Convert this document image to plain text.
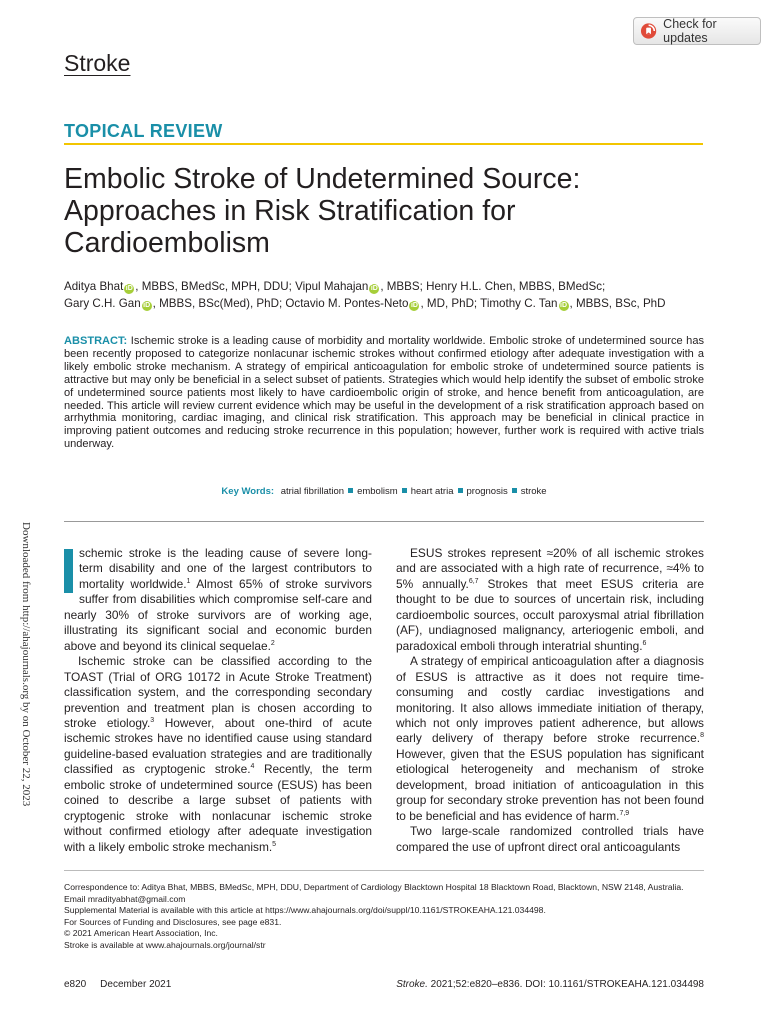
Stroke
Check for updates
TOPICAL REVIEW
Embolic Stroke of Undetermined Source: Approaches in Risk Stratification for Cardioembolism
Aditya Bhat iD , MBBS, BMedSc, MPH, DDU; Vipul Mahajan iD , MBBS; Henry H.L. Chen, MBBS, BMedSc;
Gary C.H. Gan iD , MBBS, BSc(Med), PhD; Octavio M. Pontes-Neto iD , MD, PhD; Timothy C. Tan iD , MBBS, BSc, PhD
ABSTRACT: Ischemic stroke is a leading cause of morbidity and mortality worldwide. Embolic stroke of undetermined source has been recently proposed to categorize nonlacunar ischemic strokes without confirmed etiology after adequate investigation with a likely embolic stroke mechanism. A strategy of empirical anticoagulation for embolic stroke of undetermined source patients is attractive but may only be beneficial in a select subset of patients. Strategies which would help identify the subset of embolic stroke of undetermined source patients most likely to have cardioembolic origin of stroke, and hence benefit from anticoagulation, are needed. This article will review current evidence which may be useful in the development of a risk stratification approach based on arrhythmia monitoring, cardiac imaging, and clinical risk stratification. This approach may be beneficial in clinical practice in improving patient outcomes and reducing stroke recurrence in this population; however, further work is required with active trials underway.
Key Words: atrial fibrillation embolism heart atria prognosis stroke
Downloaded from http://ahajournals.org by on October 22, 2023	schemic stroke is the leading cause of severe long-term disability and one of the largest contributors to mortality worldwide.$^1$ Almost 65% of stroke survivors suffer from disabilities which compromise self-care and nearly 30% of stroke survivors are of working age, illustrating its significant social and economic burden above and beyond its clinical sequelae.$^2$

Ischemic stroke can be classified according to the TOAST (Trial of ORG 10172 in Acute Stroke Treatment) classification system, and the corresponding secondary prevention and treatment plan is chosen according to stroke etiology.$^3$ However, about one-third of acute ischemic strokes have no identified cause using standard guideline-based evaluation strategies and are traditionally classified as cryptogenic stroke.$^4$ Recently, the term embolic stroke of undetermined source (ESUS) has been coined to describe a large subset of patients with cryptogenic stroke with nonlacunar ischemic stroke without confirmed etiology after adequate investigation with a likely embolic stroke mechanism.$^5$

ESUS strokes represent ≈20% of all ischemic strokes and are associated with a high rate of recurrence, ≈4% to 5% annually.$^{6,7}$ Strokes that meet ESUS criteria are thought to be due to sources of uncertain risk, including cardioembolic sources, occult paroxysmal atrial fibrillation (AF), undiagnosed malignancy, arteriogenic emboli, and paradoxical emboli through interatrial shunting.$^6$

A strategy of empirical anticoagulation after a diagnosis of ESUS is attractive as it does not require time-consuming and costly cardiac investigations and monitoring. It also allows immediate initiation of therapy, which not only improves patient adherence, but allows early delivery of therapy before stroke recurrence.$^8$ However, given that the ESUS population has significant etiological heterogeneity and mechanism of stroke development, broad initiation of anticoagulation in this group for secondary stroke prevention has not been found to be beneficial and has evidence of harm.$^{7,9}$

Two large-scale randomized controlled trials have compared the use of upfront direct oral anticoagulants

Correspondence to: Aditya Bhat, MBBS, BMedSc, MPH, DDU, Department of Cardiology Blacktown Hospital 18 Blacktown Road, Blacktown, NSW 2148, Australia.
Email mradityabhat@gmail.com
Supplemental Material is available with this article at https://www.ahajournals.org/doi/suppl/10.1161/STROKEAHA.121.034498.
For Sources of Funding and Disclosures, see page e831.
© 2021 American Heart Association, Inc.
Stroke is available at www.ahajournals.org/journal/str
e820 December 2021	Stroke. 2021;52:e820–e836. DOI: 10.1161/STROKEAHA.121.034498
